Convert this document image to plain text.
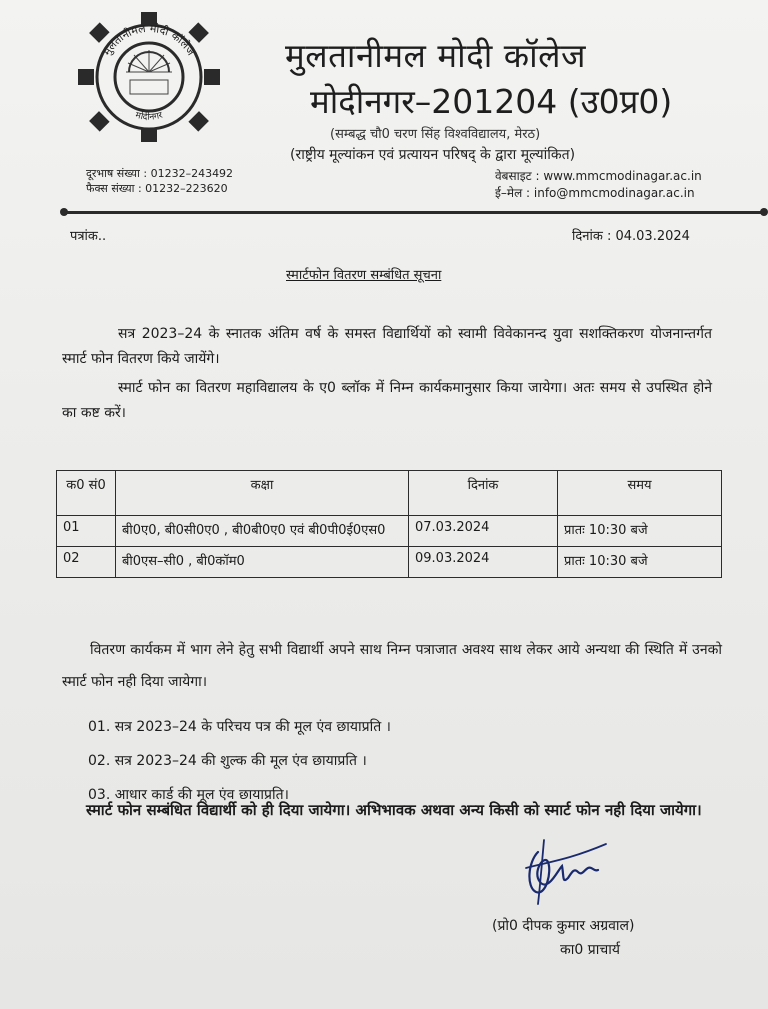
मुलतानीमल मोदी कॉलेज
मोदीनगर
मुलतानीमल मोदी कॉलेज
मोदीनगर–201204 (उ0प्र0)
(सम्बद्ध चौ0 चरण सिंह विश्वविद्यालय, मेरठ)
(राष्ट्रीय मूल्यांकन एवं प्रत्यायन परिषद् के द्वारा मूल्यांकित)
दूरभाष संख्या : 01232–243492
फैक्स संख्या : 01232–223620
वेबसाइट : www.mmcmodinagar.ac.in
ई–मेल : info@mmcmodinagar.ac.in
पत्रांक..	दिनांक : 04.03.2024
स्मार्टफोन वितरण सम्बंधित सूचना
सत्र 2023–24 के स्नातक अंतिम वर्ष के समस्त विद्यार्थियों को स्वामी विवेकानन्द युवा सशक्तिकरण योजनान्तर्गत स्मार्ट फोन वितरण किये जायेंगे।
स्मार्ट फोन का वितरण महाविद्यालय के ए0 ब्लॉक में निम्न कार्यकमानुसार किया जायेगा। अतः समय से उपस्थित होने का कष्ट करें।
क0 सं0	कक्षा	दिनांक	समय
01	बी0ए0, बी0सी0ए0 , बी0बी0ए0 एवं बी0पी0ई0एस0	07.03.2024	प्रातः 10:30 बजे
02	बी0एस–सी0 , बी0कॉम0	09.03.2024	प्रातः 10:30 बजे
वितरण कार्यकम में भाग लेने हेतु सभी विद्यार्थी अपने साथ निम्न पत्राजात अवश्य साथ लेकर आये अन्यथा की स्थिति में उनको स्मार्ट फोन नही दिया जायेगा।
01. सत्र 2023–24 के परिचय पत्र की मूल एंव छायाप्रति ।
02. सत्र 2023–24 की शुल्क की मूल एंव छायाप्रति ।
03. आधार कार्ड की मूल एंव छायाप्रति।
स्मार्ट फोन सम्बंधित विद्यार्थी को ही दिया जायेगा। अभिभावक अथवा अन्य किसी को स्मार्ट फोन नही दिया जायेगा।
(प्रो0 दीपक कुमार अग्रवाल)
का0 प्राचार्य
